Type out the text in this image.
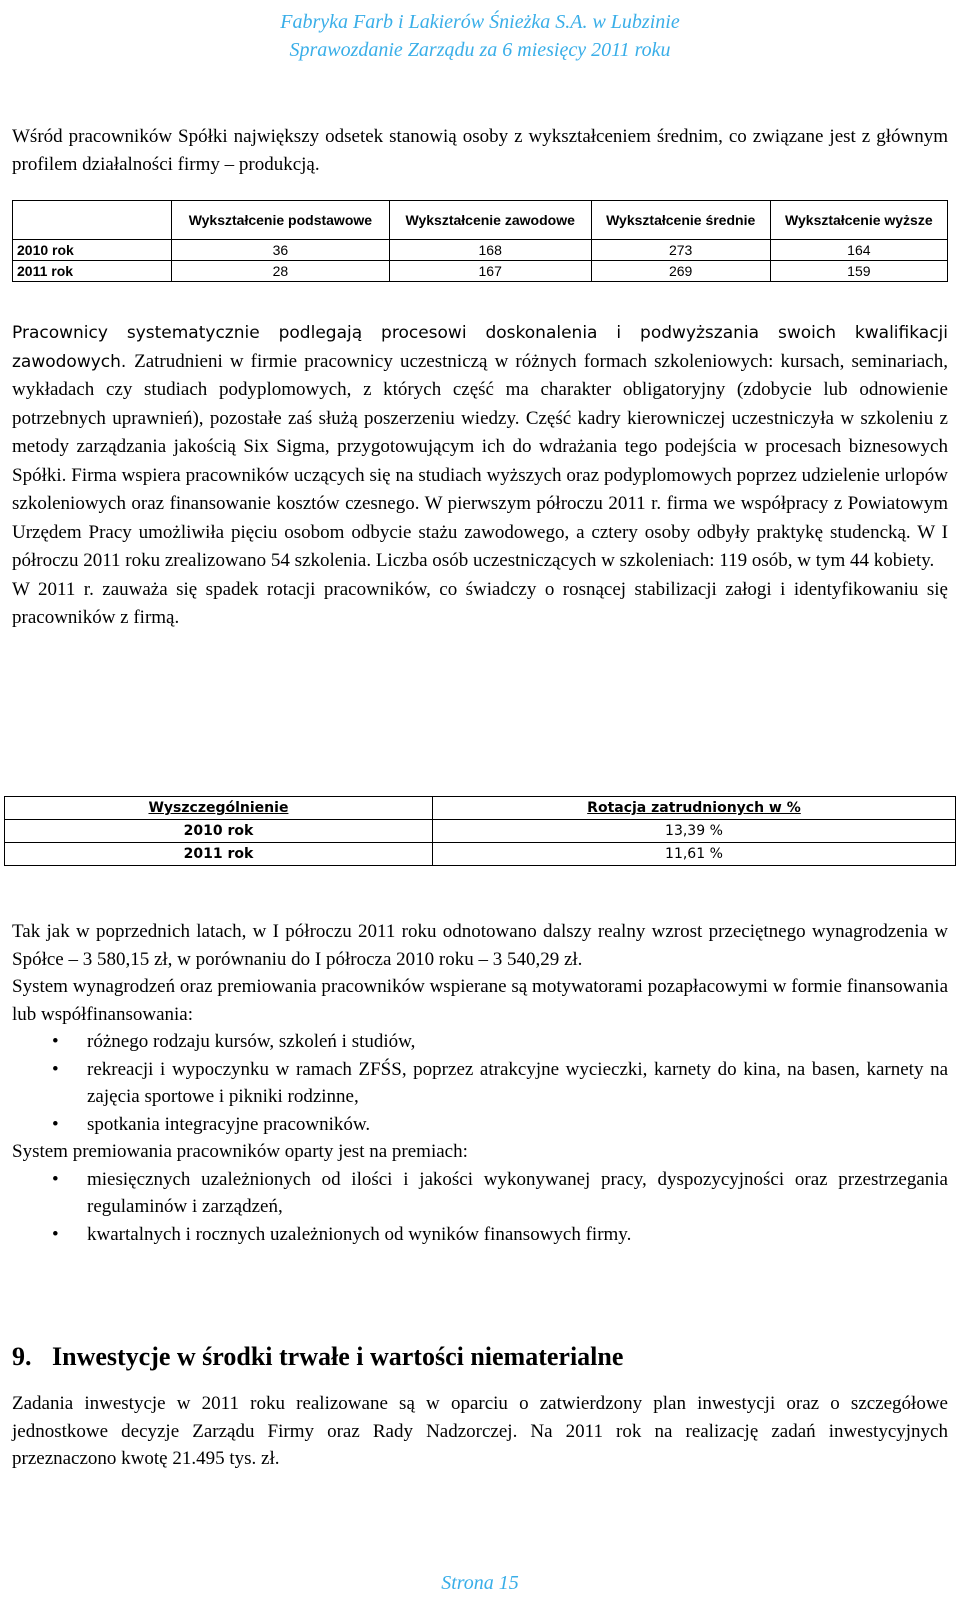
Fabryka Farb i Lakierów Śnieżka S.A. w Lubzinie
Sprawozdanie Zarządu za 6 miesięcy 2011 roku
Wśród pracowników Spółki największy odsetek stanowią osoby z wykształceniem średnim, co związane jest z głównym profilem działalności firmy – produkcją.
	Wykształcenie podstawowe	Wykształcenie zawodowe	Wykształcenie średnie	Wykształcenie wyższe
2010 rok	36	168	273	164
2011 rok	28	167	269	159
Pracownicy systematycznie podlegają procesowi doskonalenia i podwyższania swoich kwalifikacji zawodowych. Zatrudnieni w firmie pracownicy uczestniczą w różnych formach szkoleniowych: kursach, seminariach, wykładach czy studiach podyplomowych, z których część ma charakter obligatoryjny (zdobycie lub odnowienie potrzebnych uprawnień), pozostałe zaś służą poszerzeniu wiedzy. Część kadry kierowniczej uczestniczyła w szkoleniu z metody zarządzania jakością Six Sigma, przygotowującym ich do wdrażania tego podejścia w procesach biznesowych Spółki. Firma wspiera pracowników uczących się na studiach wyższych oraz podyplomowych poprzez udzielenie urlopów szkoleniowych oraz finansowanie kosztów czesnego. W pierwszym półroczu 2011 r. firma we współpracy z Powiatowym Urzędem Pracy umożliwiła pięciu osobom odbycie stażu zawodowego, a cztery osoby odbyły praktykę studencką. W I półroczu 2011 roku zrealizowano 54 szkolenia. Liczba osób uczestniczących w szkoleniach: 119 osób, w tym 44 kobiety.
W 2011 r. zauważa się spadek rotacji pracowników, co świadczy o rosnącej stabilizacji załogi i identyfikowaniu się pracowników z firmą.
Wyszczególnienie	Rotacja zatrudnionych w %
2010 rok	13,39 %
2011 rok	11,61 %
Tak jak w poprzednich latach, w I półroczu 2011 roku odnotowano dalszy realny wzrost przeciętnego wynagrodzenia w Spółce – 3 580,15 zł, w porównaniu do I półrocza 2010 roku – 3 540,29 zł.
System wynagrodzeń oraz premiowania pracowników wspierane są motywatorami pozapłacowymi w formie finansowania lub współfinansowania:
• różnego rodzaju kursów, szkoleń i studiów,
• rekreacji i wypoczynku w ramach ZFŚS, poprzez atrakcyjne wycieczki, karnety do kina, na basen, karnety na zajęcia sportowe i pikniki rodzinne,
• spotkania integracyjne pracowników.
System premiowania pracowników oparty jest na premiach:
• miesięcznych uzależnionych od ilości i jakości wykonywanej pracy, dyspozycyjności oraz przestrzegania regulaminów i zarządzeń,
• kwartalnych i rocznych uzależnionych od wyników finansowych firmy.
9. Inwestycje w środki trwałe i wartości niematerialne
Zadania inwestycje w 2011 roku realizowane są w oparciu o zatwierdzony plan inwestycji oraz o szczegółowe jednostkowe decyzje Zarządu Firmy oraz Rady Nadzorczej. Na 2011 rok na realizację zadań inwestycyjnych przeznaczono kwotę 21.495 tys. zł.
Strona 15
